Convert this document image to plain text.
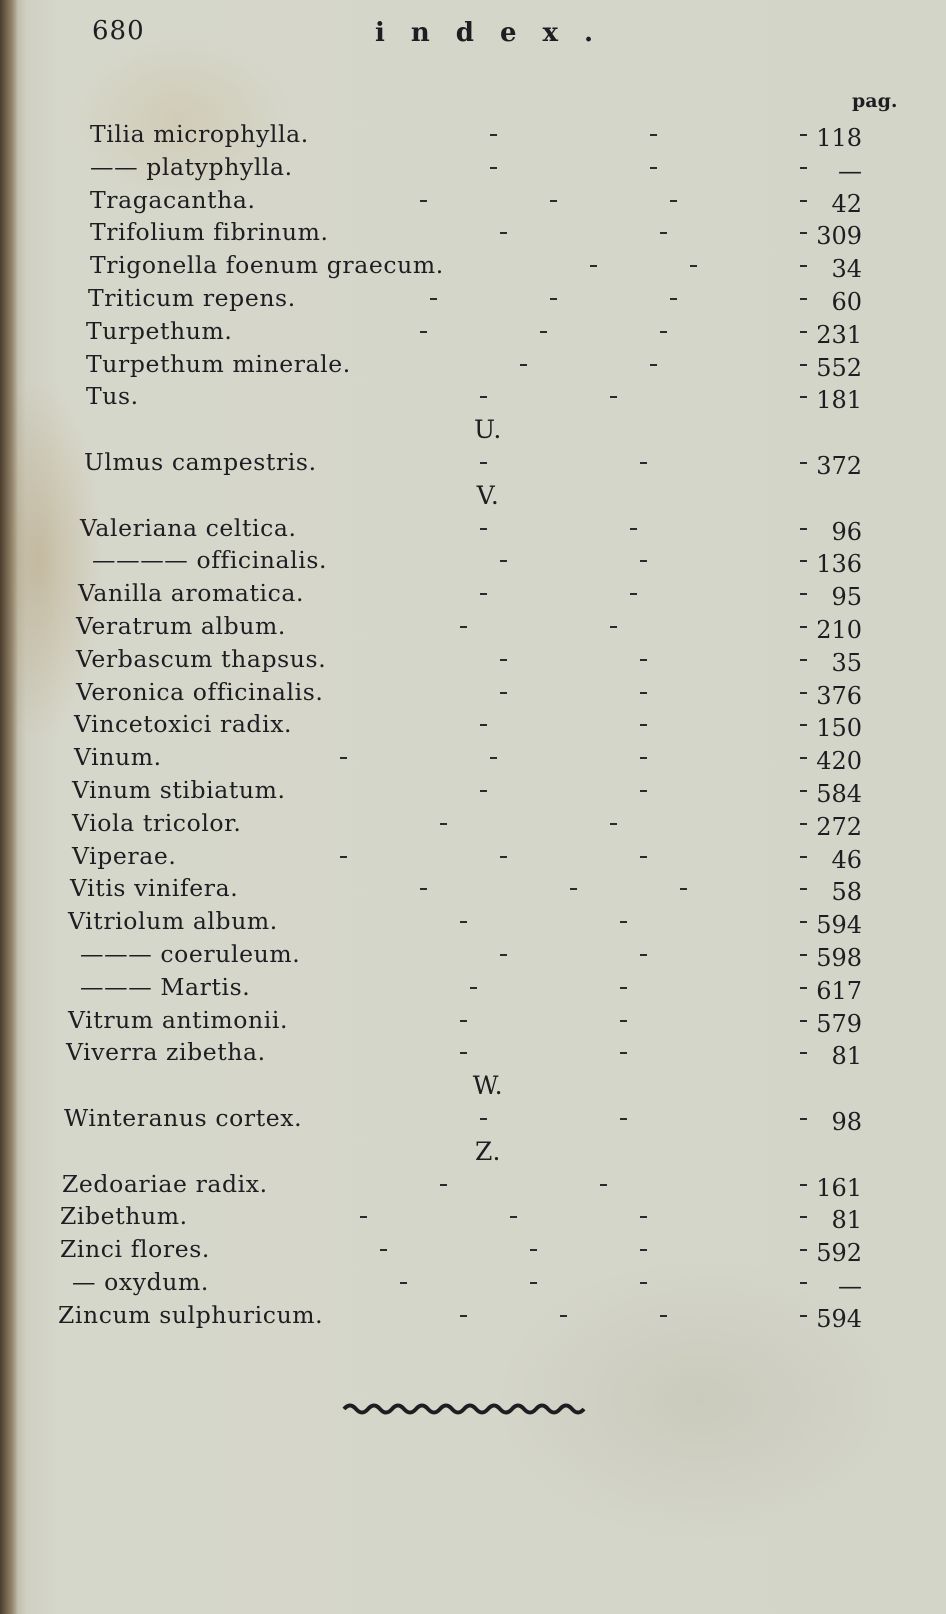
680	index.
pag.
Tilia microphylla.	118
—— platyphylla.	—
Tragacantha.	42
Trifolium fibrinum.	309
Trigonella foenum graecum.	34
Triticum repens.	60
Turpethum.	231
Turpethum minerale.	552
Tus.	181
U.
Ulmus campestris.	372
V.
Valeriana celtica.	96
———— officinalis.	136
Vanilla aromatica.	95
Veratrum album.	210
Verbascum thapsus.	35
Veronica officinalis.	376
Vincetoxici radix.	150
Vinum.	420
Vinum stibiatum.	584
Viola tricolor.	272
Viperae.	46
Vitis vinifera.	58
Vitriolum album.	594
——— coeruleum.	598
——— Martis.	617
Vitrum antimonii.	579
Viverra zibetha.	81
W.
Winteranus cortex.	98
Z.
Zedoariae radix.	161
Zibethum.	81
Zinci flores.	592
— oxydum.	—
Zincum sulphuricum.	594
